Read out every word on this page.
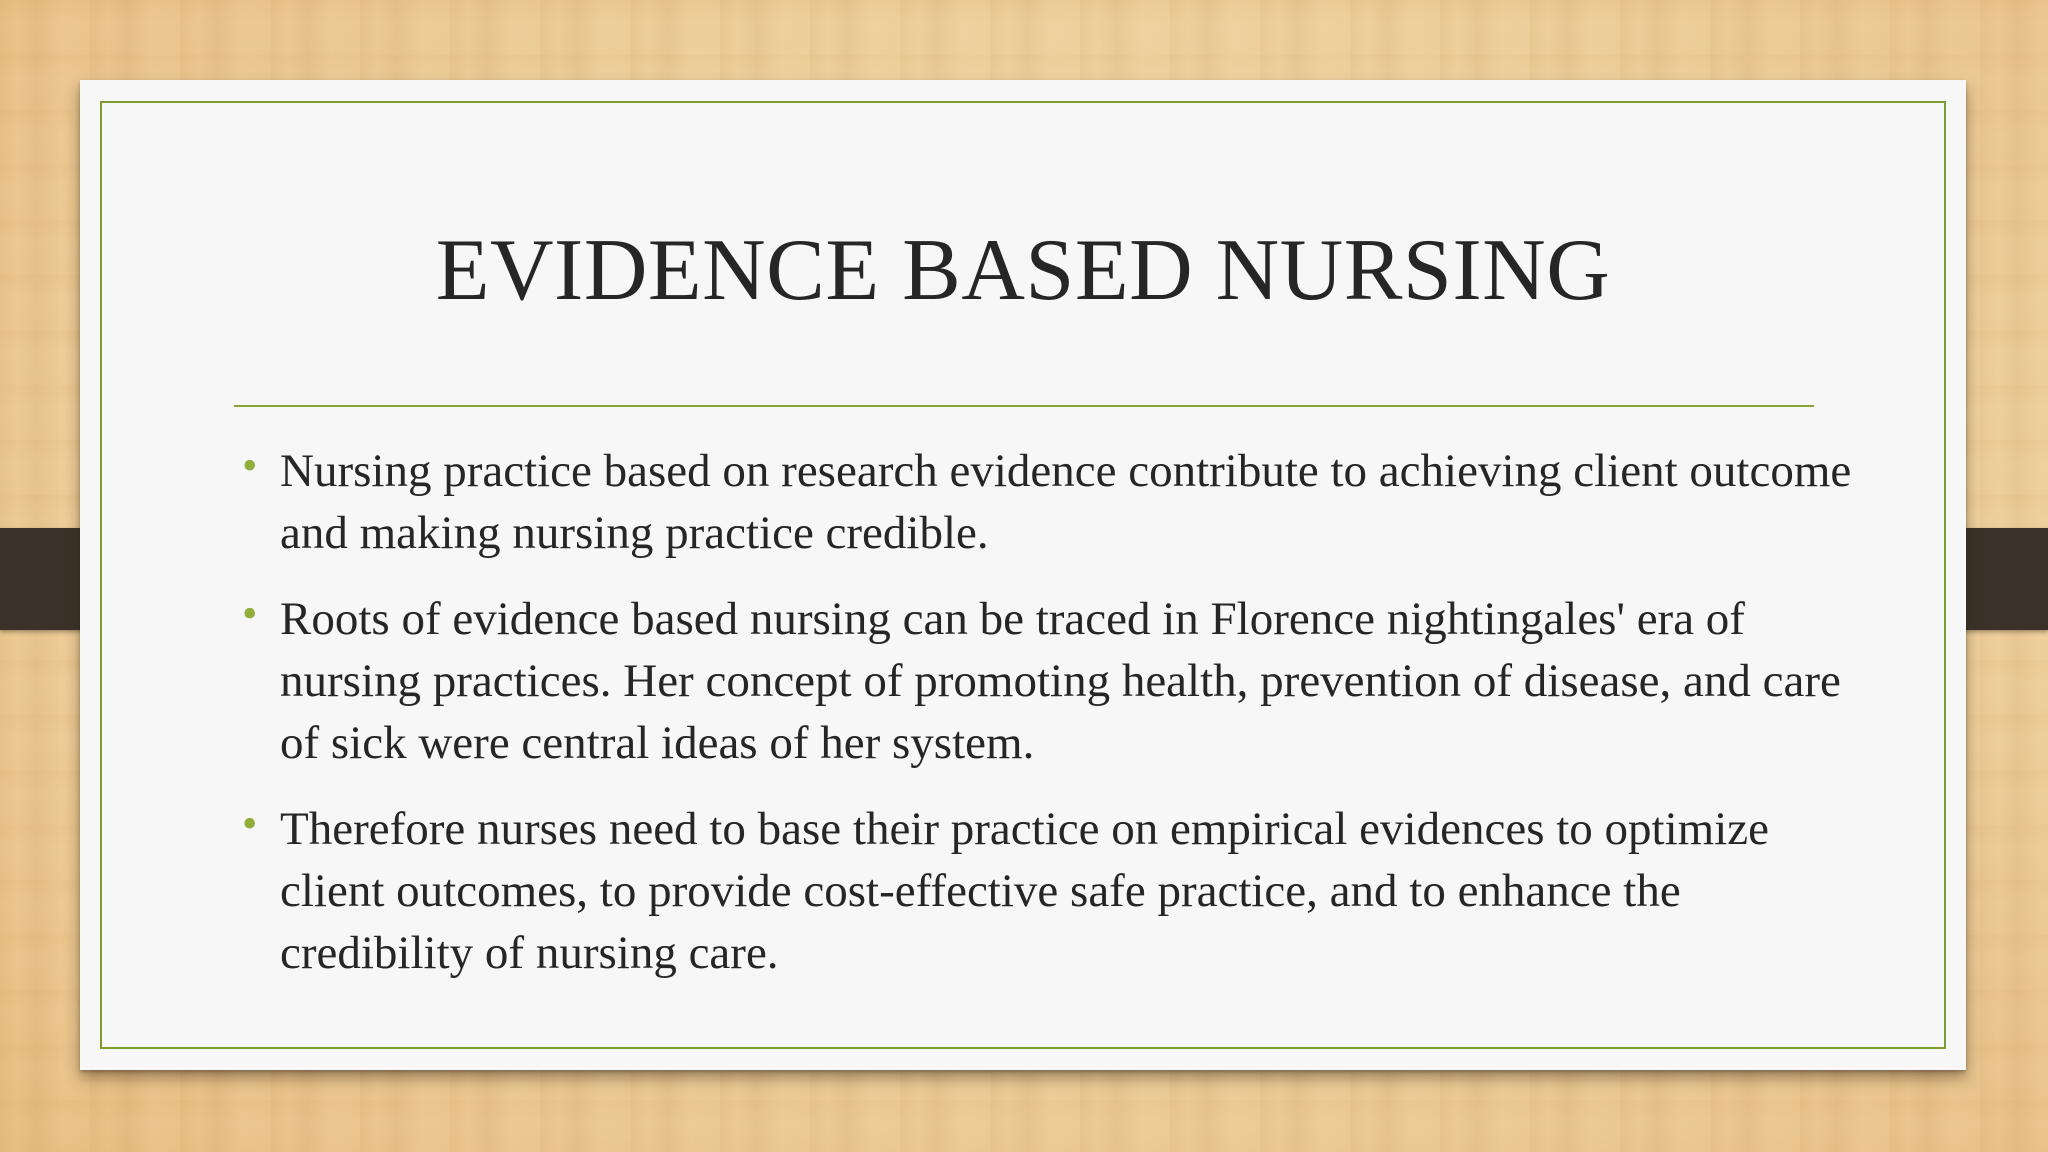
EVIDENCE BASED NURSING
• Nursing practice based on research evidence contribute to achieving client outcome and making nursing practice credible.
• Roots of evidence based nursing can be traced in Florence nightingales' era of nursing practices. Her concept of promoting health, prevention of disease, and care of sick were central ideas of her system.
• Therefore nurses need to base their practice on empirical evidences to optimize client outcomes, to provide cost-effective safe practice, and to enhance the credibility of nursing care.
